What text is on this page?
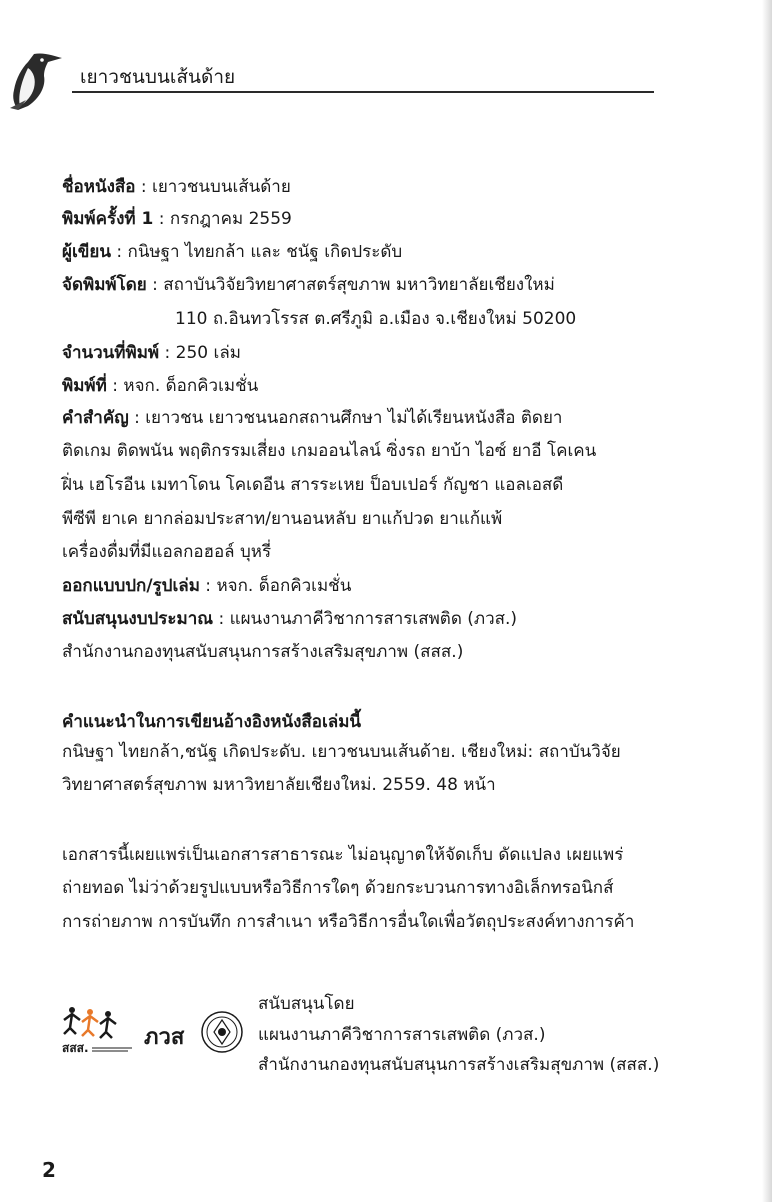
เยาวชนบนเส้นด้าย
ชื่อหนังสือ : เยาวชนบนเส้นด้าย
พิมพ์ครั้งที่ 1 : กรกฎาคม 2559
ผู้เขียน : กนิษฐา ไทยกล้า และ ชนัฐ เกิดประดับ
จัดพิมพ์โดย : สถาบันวิจัยวิทยาศาสตร์สุขภาพ มหาวิทยาลัยเชียงใหม่
110 ถ.อินทวโรรส ต.ศรีภูมิ อ.เมือง จ.เชียงใหม่ 50200
จำนวนที่พิมพ์ : 250 เล่ม
พิมพ์ที่ : หจก. ด็อกคิวเมชั่น
คำสำคัญ : เยาวชน เยาวชนนอกสถานศึกษา ไม่ได้เรียนหนังสือ ติดยา
ติดเกม ติดพนัน พฤติกรรมเสี่ยง เกมออนไลน์ ซิ่งรถ ยาบ้า ไอซ์ ยาอี โคเคน
ฝิ่น เฮโรอีน เมทาโดน โคเดอีน สารระเหย ป็อบเปอร์ กัญชา แอลเอสดี
พีซีพี ยาเค ยากล่อมประสาท/ยานอนหลับ ยาแก้ปวด ยาแก้แพ้
เครื่องดื่มที่มีแอลกอฮอล์ บุหรี่
ออกแบบปก/รูปเล่ม : หจก. ด็อกคิวเมชั่น
สนับสนุนงบประมาณ : แผนงานภาคีวิชาการสารเสพติด (ภวส.)
สำนักงานกองทุนสนับสนุนการสร้างเสริมสุขภาพ (สสส.)
คำแนะนำในการเขียนอ้างอิงหนังสือเล่มนี้
กนิษฐา ไทยกล้า,ชนัฐ เกิดประดับ. เยาวชนบนเส้นด้าย. เชียงใหม่: สถาบันวิจัย
วิทยาศาสตร์สุขภาพ มหาวิทยาลัยเชียงใหม่. 2559. 48 หน้า
เอกสารนี้เผยแพร่เป็นเอกสารสาธารณะ ไม่อนุญาตให้จัดเก็บ ดัดแปลง เผยแพร่
ถ่ายทอด ไม่ว่าด้วยรูปแบบหรือวิธีการใดๆ ด้วยกระบวนการทางอิเล็กทรอนิกส์
การถ่ายภาพ การบันทึก การสำเนา หรือวิธีการอื่นใดเพื่อวัตถุประสงค์ทางการค้า
สสส.	ภวส
สนับสนุนโดย
แผนงานภาคีวิชาการสารเสพติด (ภวส.)
สำนักงานกองทุนสนับสนุนการสร้างเสริมสุขภาพ (สสส.)
2
